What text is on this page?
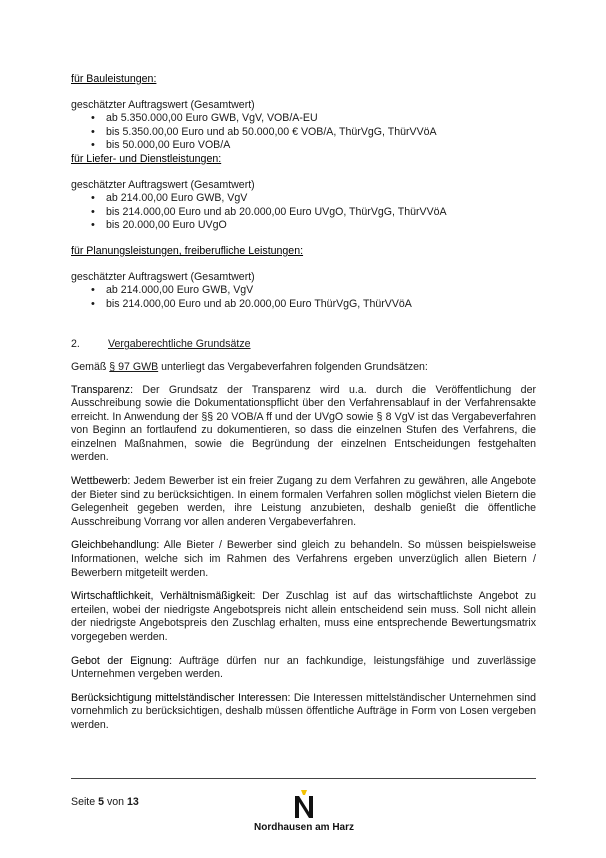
für Bauleistungen:

geschätzter Auftragswert (Gesamtwert)

• ab 5.350.000,00 Euro GWB, VgV, VOB/A-EU
• bis 5.350.00,00 Euro und ab 50.000,00 € VOB/A, ThürVgG, ThürVVöA
• bis 50.000,00 Euro VOB/A

für Liefer- und Dienstleistungen:

geschätzter Auftragswert (Gesamtwert)

• ab 214.00,00 Euro GWB, VgV
• bis 214.000,00 Euro und ab 20.000,00 Euro UVgO, ThürVgG, ThürVVöA
• bis 20.000,00 Euro UVgO

für Planungsleistungen, freiberufliche Leistungen:

geschätzter Auftragswert (Gesamtwert)

• ab 214.000,00 Euro GWB, VgV
• bis 214.000,00 Euro und ab 20.000,00 Euro ThürVgG, ThürVVöA
2.	Vergaberechtliche Grundsätze

Gemäß § 97 GWB unterliegt das Vergabeverfahren folgenden Grundsätzen:

Transparenz: Der Grundsatz der Transparenz wird u.a. durch die Veröffentlichung der Ausschreibung sowie die Dokumentationspflicht über den Verfahrensablauf in der Verfahrensakte erreicht. In Anwendung der §§ 20 VOB/A ff und der UVgO sowie § 8 VgV ist das Vergabeverfahren von Beginn an fortlaufend zu dokumentieren, so dass die einzelnen Stufen des Verfahrens, die einzelnen Maßnahmen, sowie die Begründung der einzelnen Entscheidungen festgehalten werden.

Wettbewerb: Jedem Bewerber ist ein freier Zugang zu dem Verfahren zu gewähren, alle Angebote der Bieter sind zu berücksichtigen. In einem formalen Verfahren sollen möglichst vielen Bietern die Gelegenheit gegeben werden, ihre Leistung anzubieten, deshalb genießt die öffentliche Ausschreibung Vorrang vor allen anderen Vergabeverfahren.

Gleichbehandlung: Alle Bieter / Bewerber sind gleich zu behandeln. So müssen beispielsweise Informationen, welche sich im Rahmen des Verfahrens ergeben unverzüglich allen Bietern / Bewerbern mitgeteilt werden.

Wirtschaftlichkeit, Verhältnismäßigkeit: Der Zuschlag ist auf das wirtschaftlichste Angebot zu erteilen, wobei der niedrigste Angebotspreis nicht allein entscheidend sein muss. Soll nicht allein der niedrigste Angebotspreis den Zuschlag erhalten, muss eine entsprechende Bewertungsmatrix vorgegeben werden.

Gebot der Eignung: Aufträge dürfen nur an fachkundige, leistungsfähige und zuverlässige Unternehmen vergeben werden.

Berücksichtigung mittelständischer Interessen: Die Interessen mittelständischer Unternehmen sind vornehmlich zu berücksichtigen, deshalb müssen öffentliche Aufträge in Form von Losen vergeben werden.

Seite 5 von 13
Nordhausen am Harz
